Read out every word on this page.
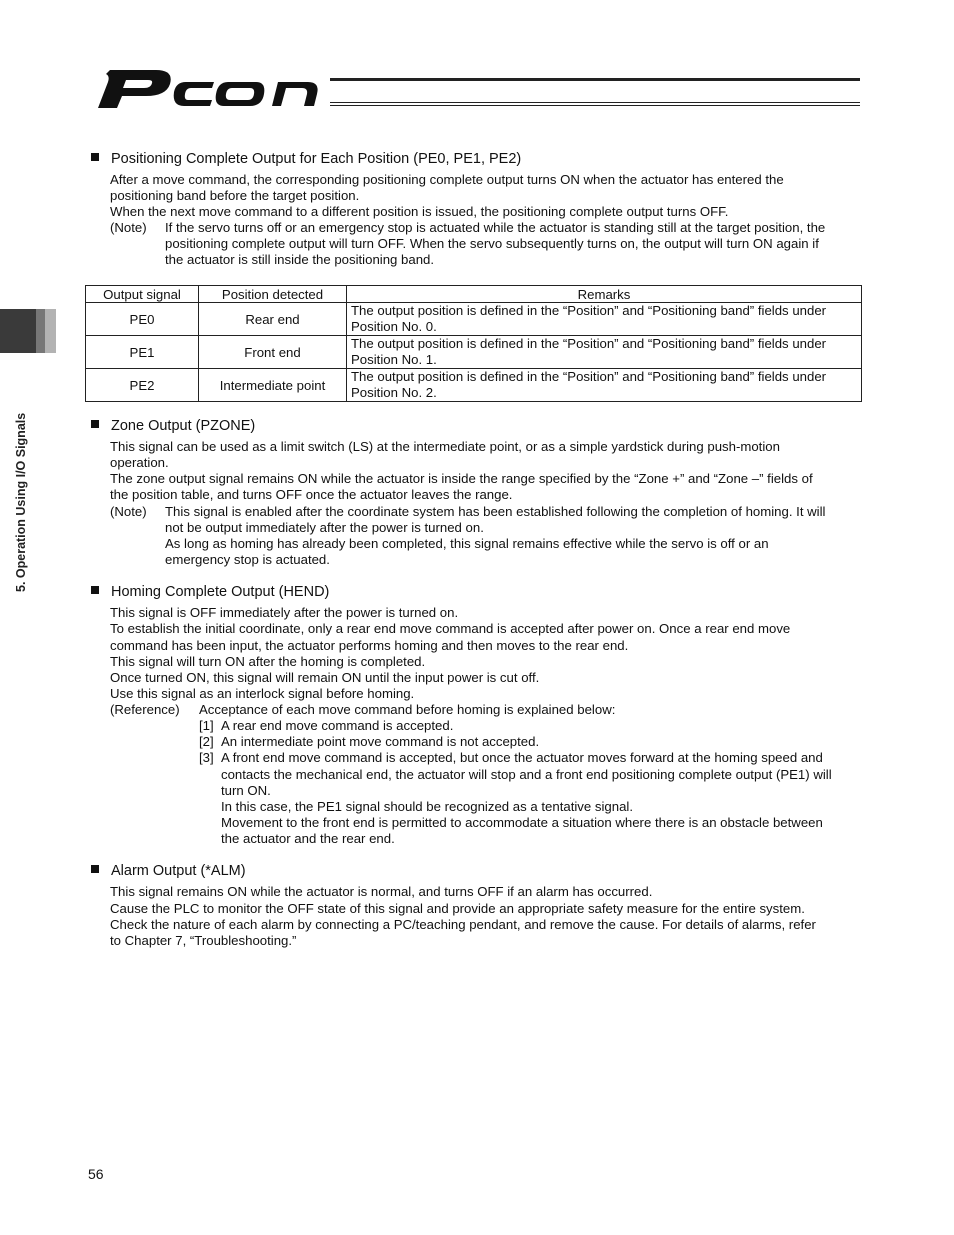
5. Operation Using I/O Signals
Positioning Complete Output for Each Position (PE0, PE1, PE2)
After a move command, the corresponding positioning complete output turns ON when the actuator has entered the
positioning band before the target position.
When the next move command to a different position is issued, the positioning complete output turns OFF.
(Note) If the servo turns off or an emergency stop is actuated while the actuator is standing still at the target position, the
positioning complete output will turn OFF. When the servo subsequently turns on, the output will turn ON again if
the actuator is still inside the positioning band.
Output signal	Position detected	Remarks
PE0	Rear end	The output position is defined in the “Position” and “Positioning band” fields under
Position No. 0.
PE1	Front end	The output position is defined in the “Position” and “Positioning band” fields under
Position No. 1.
PE2	Intermediate point	The output position is defined in the “Position” and “Positioning band” fields under
Position No. 2.
Zone Output (PZONE)
This signal can be used as a limit switch (LS) at the intermediate point, or as a simple yardstick during push-motion
operation.
The zone output signal remains ON while the actuator is inside the range specified by the “Zone +” and “Zone –” fields of
the position table, and turns OFF once the actuator leaves the range.
(Note) This signal is enabled after the coordinate system has been established following the completion of homing. It will
not be output immediately after the power is turned on.
As long as homing has already been completed, this signal remains effective while the servo is off or an
emergency stop is actuated.
Homing Complete Output (HEND)
This signal is OFF immediately after the power is turned on.
To establish the initial coordinate, only a rear end move command is accepted after power on. Once a rear end move
command has been input, the actuator performs homing and then moves to the rear end.
This signal will turn ON after the homing is completed.
Once turned ON, this signal will remain ON until the input power is cut off.
Use this signal as an interlock signal before homing.
(Reference) Acceptance of each move command before homing is explained below:
[1] A rear end move command is accepted.
[2] An intermediate point move command is not accepted.
[3] A front end move command is accepted, but once the actuator moves forward at the homing speed and
contacts the mechanical end, the actuator will stop and a front end positioning complete output (PE1) will
turn ON.
In this case, the PE1 signal should be recognized as a tentative signal.
Movement to the front end is permitted to accommodate a situation where there is an obstacle between
the actuator and the rear end.
Alarm Output (*ALM)
This signal remains ON while the actuator is normal, and turns OFF if an alarm has occurred.
Cause the PLC to monitor the OFF state of this signal and provide an appropriate safety measure for the entire system.
Check the nature of each alarm by connecting a PC/teaching pendant, and remove the cause. For details of alarms, refer
to Chapter 7, “Troubleshooting.”
56
